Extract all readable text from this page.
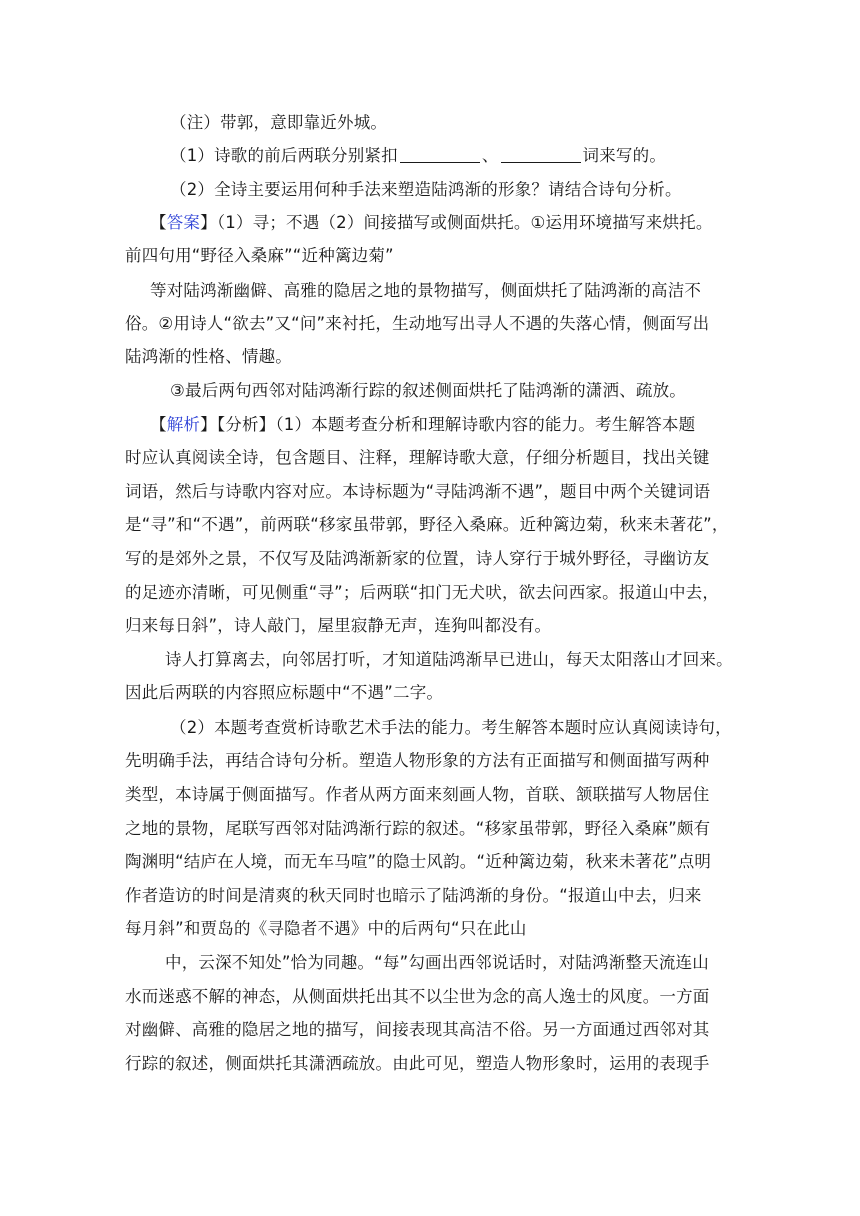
（注）带郭，意即靠近外城。
（1）诗歌的前后两联分别紧扣	、	词来写的。
（2）全诗主要运用何种手法来塑造陆鸿渐的形象？请结合诗句分析。
【答案】（1）寻；不遇（2）间接描写或侧面烘托。①运用环境描写来烘托。
前四句用“野径入桑麻”“近种篱边菊”
等对陆鸿渐幽僻、高雅的隐居之地的景物描写，侧面烘托了陆鸿渐的高洁不
俗。②用诗人“欲去”又“问”来衬托，生动地写出寻人不遇的失落心情，侧面写出
陆鸿渐的性格、情趣。
③最后两句西邻对陆鸿渐行踪的叙述侧面烘托了陆鸿渐的潇洒、疏放。
【解析】【分析】（1）本题考查分析和理解诗歌内容的能力。考生解答本题
时应认真阅读全诗，包含题目、注释，理解诗歌大意，仔细分析题目，找出关键
词语，然后与诗歌内容对应。本诗标题为“寻陆鸿渐不遇”，题目中两个关键词语
是“寻”和“不遇”，前两联“移家虽带郭，野径入桑麻。近种篱边菊，秋来未著花”，
写的是郊外之景，不仅写及陆鸿渐新家的位置，诗人穿行于城外野径，寻幽访友
的足迹亦清晰，可见侧重“寻”；后两联“扣门无犬吠，欲去问西家。报道山中去，
归来每日斜”，诗人敲门，屋里寂静无声，连狗叫都没有。
诗人打算离去，向邻居打听，才知道陆鸿渐早已进山，每天太阳落山才回来。
因此后两联的内容照应标题中“不遇”二字。
（2）本题考查赏析诗歌艺术手法的能力。考生解答本题时应认真阅读诗句，
先明确手法，再结合诗句分析。塑造人物形象的方法有正面描写和侧面描写两种
类型，本诗属于侧面描写。作者从两方面来刻画人物，首联、颔联描写人物居住
之地的景物，尾联写西邻对陆鸿渐行踪的叙述。“移家虽带郭，野径入桑麻”颇有
陶渊明“结庐在人境，而无车马喧”的隐士风韵。“近种篱边菊，秋来未著花”点明
作者造访的时间是清爽的秋天同时也暗示了陆鸿渐的身份。“报道山中去，归来
每月斜”和贾岛的《寻隐者不遇》中的后两句“只在此山
中，云深不知处”恰为同趣。“每”勾画出西邻说话时，对陆鸿渐整天流连山
水而迷惑不解的神态，从侧面烘托出其不以尘世为念的高人逸士的风度。一方面
对幽僻、高雅的隐居之地的描写，间接表现其高洁不俗。另一方面通过西邻对其
行踪的叙述，侧面烘托其潇洒疏放。由此可见，塑造人物形象时，运用的表现手
